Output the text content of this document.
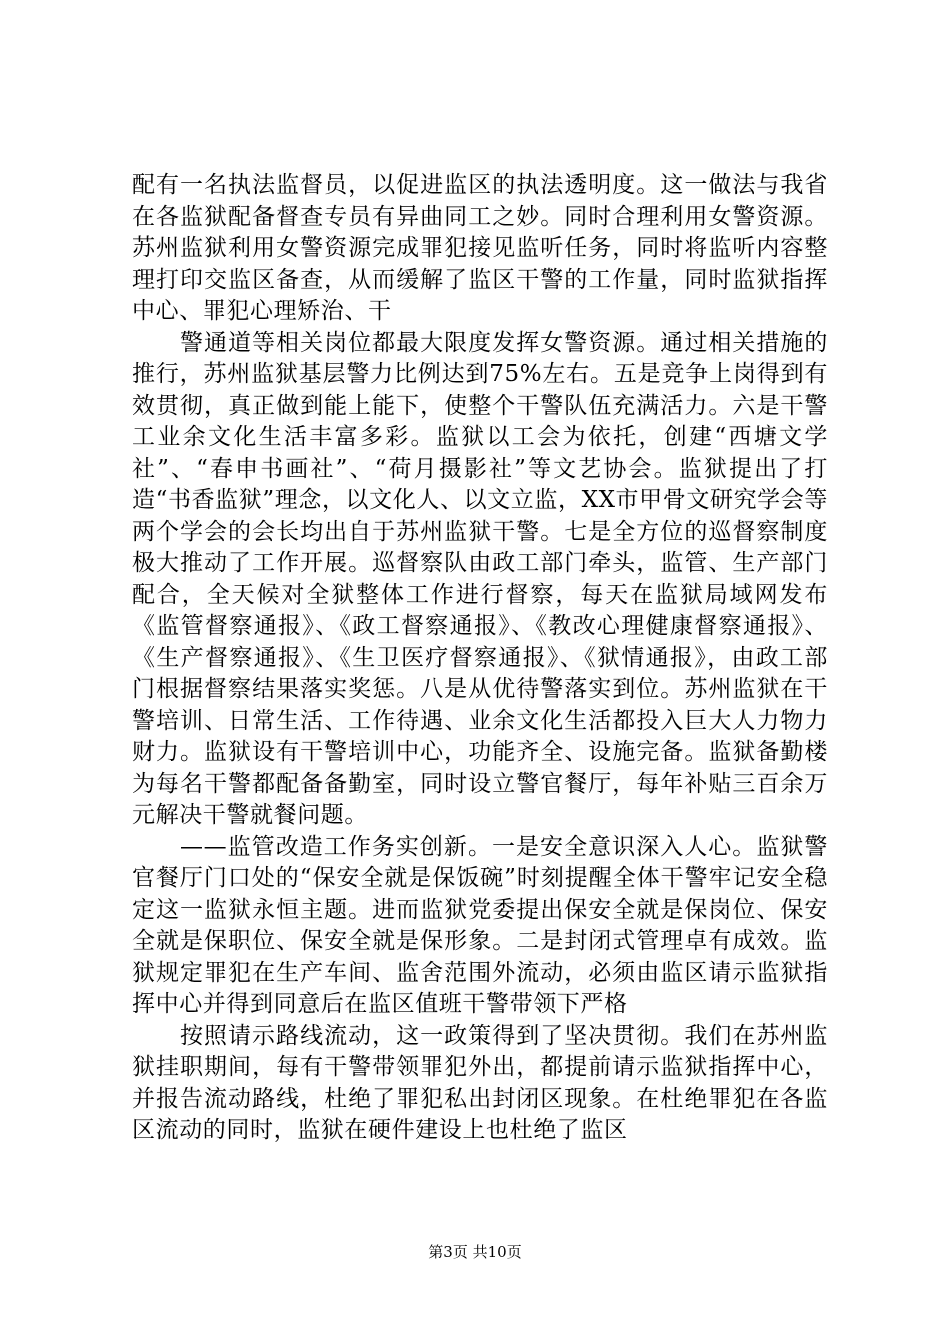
配有一名执法监督员，以促进监区的执法透明度。这一做法与我省在各监狱配备督查专员有异曲同工之妙。同时合理利用女警资源。苏州监狱利用女警资源完成罪犯接见监听任务，同时将监听内容整理打印交监区备查，从而缓解了监区干警的工作量，同时监狱指挥中心、罪犯心理矫治、干

警通道等相关岗位都最大限度发挥女警资源。通过相关措施的推行，苏州监狱基层警力比例达到75%左右。五是竞争上岗得到有效贯彻，真正做到能上能下，使整个干警队伍充满活力。六是干警工业余文化生活丰富多彩。监狱以工会为依托，创建“西塘文学社”、“春申书画社”、“荷月摄影社”等文艺协会。监狱提出了打造“书香监狱”理念，以文化人、以文立监，XX市甲骨文研究学会等两个学会的会长均出自于苏州监狱干警。七是全方位的巡督察制度极大推动了工作开展。巡督察队由政工部门牵头，监管、生产部门配合，全天候对全狱整体工作进行督察，每天在监狱局域网发布《监管督察通报》、《政工督察通报》、《教改心理健康督察通报》、《生产督察通报》、《生卫医疗督察通报》、《狱情通报》，由政工部门根据督察结果落实奖惩。八是从优待警落实到位。苏州监狱在干警培训、日常生活、工作待遇、业余文化生活都投入巨大人力物力财力。监狱设有干警培训中心，功能齐全、设施完备。监狱备勤楼为每名干警都配备备勤室，同时设立警官餐厅，每年补贴三百余万元解决干警就餐问题。

——监管改造工作务实创新。一是安全意识深入人心。监狱警官餐厅门口处的“保安全就是保饭碗”时刻提醒全体干警牢记安全稳定这一监狱永恒主题。进而监狱党委提出保安全就是保岗位、保安全就是保职位、保安全就是保形象。二是封闭式管理卓有成效。监狱规定罪犯在生产车间、监舍范围外流动，必须由监区请示监狱指挥中心并得到同意后在监区值班干警带领下严格

按照请示路线流动，这一政策得到了坚决贯彻。我们在苏州监狱挂职期间，每有干警带领罪犯外出，都提前请示监狱指挥中心，并报告流动路线，杜绝了罪犯私出封闭区现象。在杜绝罪犯在各监区流动的同时，监狱在硬件建设上也杜绝了监区

第3页 共10页
